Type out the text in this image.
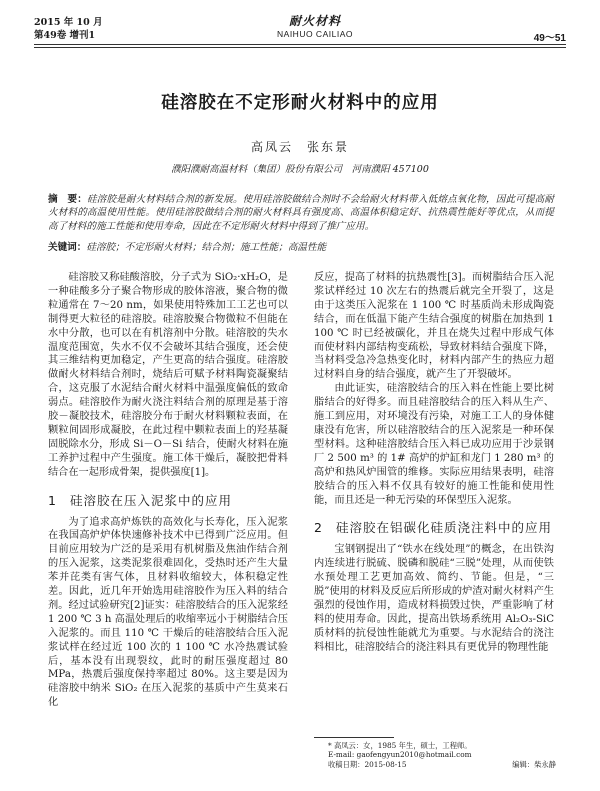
2015 年 10 月
第49卷 增刊1
耐火材料
NAIHUO CAILIAO	49～51
硅溶胶在不定形耐火材料中的应用
高凤云　张东景
濮阳濮耐高温材料（集团）股份有限公司　河南濮阳 457100
摘　要：硅溶胶是耐火材料结合剂的新发展。使用硅溶胶做结合剂时不会给耐火材料带入低熔点氧化物，因此可提高耐火材料的高温使用性能。使用硅溶胶做结合剂的耐火材料具有强度高、高温体积稳定好、抗热震性能好等优点，从而提高了材料的施工性能和使用寿命，因此在不定形耐火材料中得到了推广应用。
关键词：硅溶胶；不定形耐火材料；结合剂；施工性能；高温性能

硅溶胶又称硅酸溶胶，分子式为 SiO₂·xH₂O，是一种硅酸多分子聚合物形成的胶体溶液，聚合物的微粒通常在 7～20 nm，如果使用特殊加工工艺也可以制得更大粒径的硅溶胶。硅溶胶聚合物微粒不但能在水中分散，也可以在有机溶剂中分散。硅溶胶的失水温度范围宽，失水不仅不会破坏其结合强度，还会使其三维结构更加稳定，产生更高的结合强度。硅溶胶做耐火材料结合剂时，烧结后可赋予材料陶瓷凝聚结合，这克服了水泥结合耐火材料中温强度偏低的致命弱点。硅溶胶作为耐火浇注料结合剂的原理是基于溶胶－凝胶技术，硅溶胶分布于耐火材料颗粒表面，在颗粒间固形成凝胶，在此过程中颗粒表面上的羟基凝固脱除水分，形成 Si－O－Si 结合，使耐火材料在施工养护过程中产生强度。施工体干燥后，凝胶把骨料结合在一起形成骨架，提供强度[1]。

1 硅溶胶在压入泥浆中的应用

为了追求高炉炼铁的高效化与长寿化，压入泥浆在我国高炉炉体快速修补技术中已得到广泛应用。但目前应用较为广泛的是采用有机树脂及焦油作结合剂的压入泥浆，这类泥浆很难固化，受热时还产生大量苯并芘类有害气体，且材料收缩较大，体积稳定性差。因此，近几年开始选用硅溶胶作为压入料的结合剂。经过试验研究[2]证实：硅溶胶结合的压入泥浆经 1 200 ℃ 3 h 高温处理后的收缩率远小于树脂结合压入泥浆的。而且 110 ℃ 干燥后的硅溶胶结合压入泥浆试样在经过近 100 次的 1 100 ℃ 水冷热震试验后，基本没有出现裂纹，此时的耐压强度超过 80 MPa，热震后强度保持率超过 80%。这主要是因为硅溶胶中纳米 SiO₂ 在压入泥浆的基质中产生莫来石化

反应，提高了材料的抗热震性[3]。而树脂结合压入泥浆试样经过 10 次左右的热震后就完全开裂了，这是由于这类压入泥浆在 1 100 ℃ 时基质尚未形成陶瓷结合，而在低温下能产生结合强度的树脂在加热到 1 100 ℃ 时已经被碳化，并且在烧失过程中形成气体而使材料内部结构变疏松，导致材料结合强度下降，当材料受急冷急热变化时，材料内部产生的热应力超过材料自身的结合强度，就产生了开裂破坏。

由此证实，硅溶胶结合的压入料在性能上要比树脂结合的好得多。而且硅溶胶结合的压入料从生产、施工到应用，对环境没有污染，对施工工人的身体健康没有危害，所以硅溶胶结合的压入泥浆是一种环保型材料。这种硅溶胶结合压入料已成功应用于沙景钢厂 2 500 m³ 的 1# 高炉的炉缸和龙门 1 280 m³ 的高炉和热风炉围管的维修。实际应用结果表明，硅溶胶结合的压入料不仅具有较好的施工性能和使用性能，而且还是一种无污染的环保型压入泥浆。

2 硅溶胶在铝碳化硅质浇注料中的应用

宝钢钢提出了“铁水在线处理”的概念，在出铁沟内连续进行脱硫、脱磷和脱硅“三脱”处理，从而使铁水预处理工艺更加高效、简约、节能。但是，“三脱”使用的材料及反应后所形成的炉渣对耐火材料产生强烈的侵蚀作用，造成材料损毁过快，严重影响了材料的使用寿命。因此，提高出铁场系统用 Al₂O₃-SiC 质材料的抗侵蚀性能就尤为重要。与水泥结合的浇注料相比，硅溶胶结合的浇注料具有更优异的物理性能

* 高凤云：女，1985 年生，硕士，工程师。
E-mail: gaofengyun2010@hotmail.com
收稿日期：2015-08-15	编辑：柴永静
